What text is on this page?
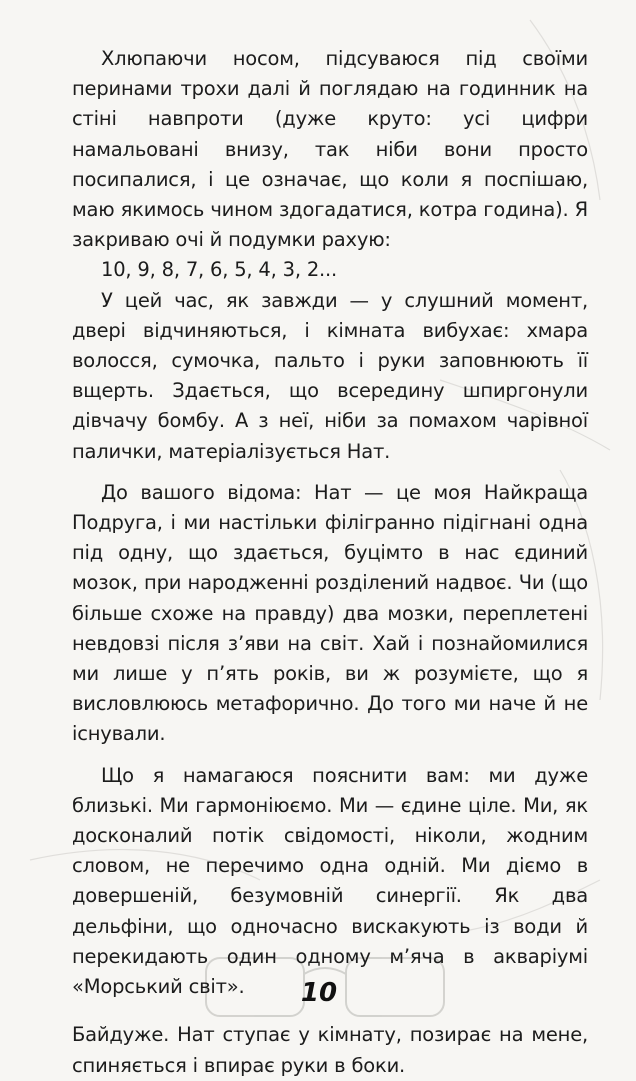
Хлюпаючи носом, підсуваюся під своїми перинами трохи далі й поглядаю на годинник на стіні навпроти (дуже круто: усі цифри намальовані внизу, так ніби вони просто посипалися, і це означає, що коли я поспішаю, маю якимось чином здогадатися, котра година). Я закриваю очі й подумки рахую:

10, 9, 8, 7, 6, 5, 4, 3, 2...

У цей час, як завжди — у слушний момент, двері відчиняються, і кімната вибухає: хмара волосся, сумочка, пальто і руки заповнюють її вщерть. Здається, що всередину шпиргонули дівчачу бомбу. А з неї, ніби за помахом чарівної палички, матеріалізується Нат.

До вашого відома: Нат — це моя Найкраща Подруга, і ми настільки філігранно підігнані одна під одну, що здається, буцімто в нас єдиний мозок, при народженні розділений надвоє. Чи (що більше схоже на правду) два мозки, переплетені невдовзі після з’яви на світ. Хай і познайомилися ми лише у п’ять років, ви ж розумієте, що я висловлююсь метафорично. До того ми наче й не існували.

Що я намагаюся пояснити вам: ми дуже близькі. Ми гармоніюємо. Ми — єдине ціле. Ми, як досконалий потік свідомості, ніколи, жодним словом, не перечимо одна одній. Ми діємо в довершеній, безумовній синергії. Як два дельфіни, що одночасно вискакують із води й перекидають один одному м’яча в акваріумі «Морський світ».

Байдуже. Нат ступає у кімнату, позирає на мене, спиняється і впирає руки в боки.

10
